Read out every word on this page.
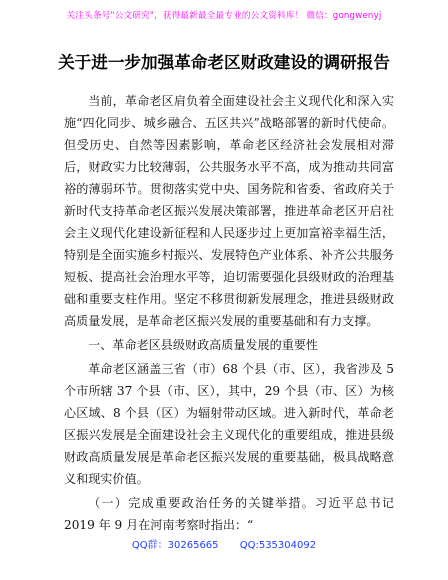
关注头条号"公文研究"，获得最新最全最专业的公文资料库！ 微信：gongwenyj
关于进一步加强革命老区财政建设的调研报告

当前，革命老区肩负着全面建设社会主义现代化和深入实施“四化同步、城乡融合、五区共兴”战略部署的新时代使命。但受历史、自然等因素影响，革命老区经济社会发展相对滞后，财政实力比较薄弱，公共服务水平不高，成为推动共同富裕的薄弱环节。贯彻落实党中央、国务院和省委、省政府关于新时代支持革命老区振兴发展决策部署，推进革命老区开启社会主义现代化建设新征程和人民逐步过上更加富裕幸福生活，特别是全面实施乡村振兴、发展特色产业体系、补齐公共服务短板、提高社会治理水平等，迫切需要强化县级财政的治理基础和重要支柱作用。坚定不移贯彻新发展理念，推进县级财政高质量发展，是革命老区振兴发展的重要基础和有力支撑。

一、革命老区县级财政高质量发展的重要性

革命老区涵盖三省（市）68 个县（市、区），我省涉及 5 个市所辖 37 个县（市、区），其中，29 个县（市、区）为核心区域、8 个县（区）为辐射带动区域。进入新时代，革命老区振兴发展是全面建设社会主义现代化的重要组成，推进县级财政高质量发展是革命老区振兴发展的重要基础，极具战略意义和现实价值。

（一）完成重要政治任务的关键举措。习近平总书记 2019 年 9 月在河南考察时指出：“

QQ群：30265665 QQ:535304092
